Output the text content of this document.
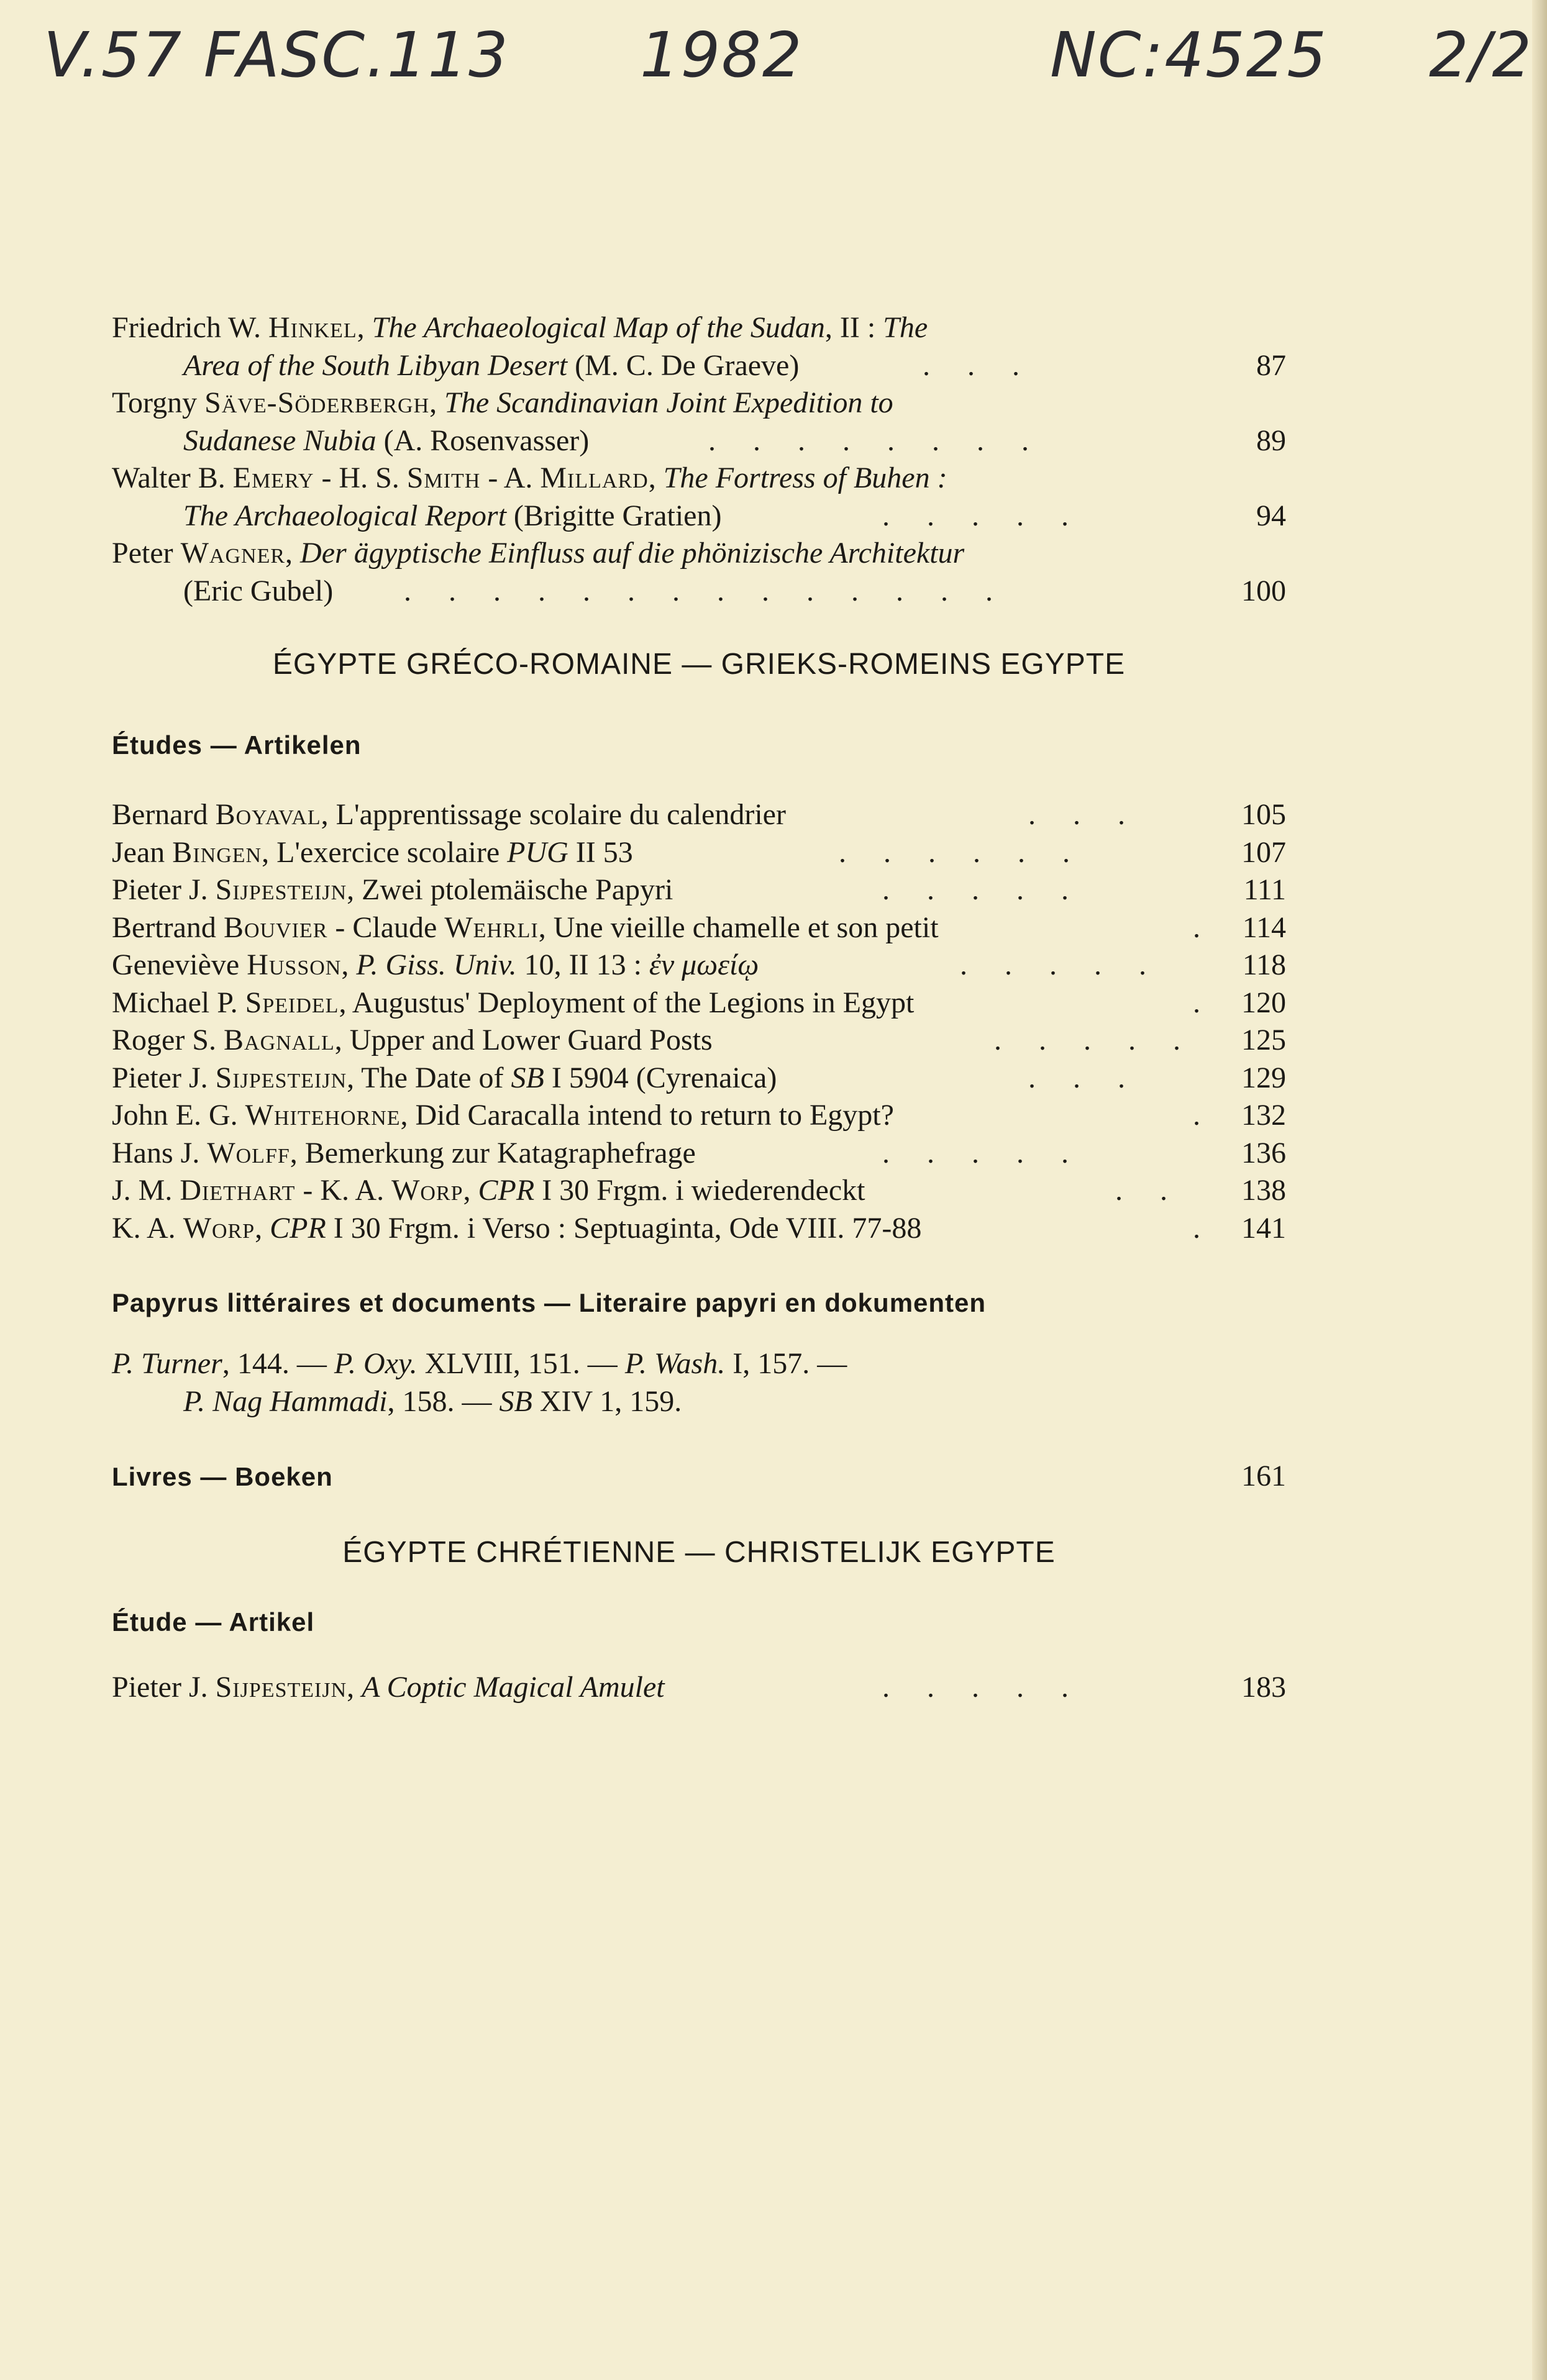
V.57 FASC.113 1982	NC:4525 2/2
Friedrich W. Hinkel, The Archaeological Map of the Sudan, II : The
Area of the South Libyan Desert (M. C. De Graeve)	.     .     .	87
Torgny Säve-Söderbergh, The Scandinavian Joint Expedition to
Sudanese Nubia (A. Rosenvasser)	.     .     .     .     .     .     .     .	89
Walter B. Emery - H. S. Smith - A. Millard, The Fortress of Buhen :
The Archaeological Report (Brigitte Gratien)	.     .     .     .     .	94
Peter Wagner, Der ägyptische Einfluss auf die phönizische Architektur
(Eric Gubel) .     .     .     .     .     .     .     .     .     .     .     .     .     .	100
ÉGYPTE GRÉCO-ROMAINE — GRIEKS-ROMEINS EGYPTE
Études — Artikelen
Bernard Boyaval, L'apprentissage scolaire du calendrier	.     .     .	105
Jean Bingen, L'exercice scolaire PUG II 53	.     .     .     .     .     .	107
Pieter J. Sijpesteijn, Zwei ptolemäische Papyri	.     .     .     .     .	111
Bertrand Bouvier - Claude Wehrli, Une vieille chamelle et son petit	. 114
Geneviève Husson, P. Giss. Univ. 10, II 13 : ἐν μωείῳ	.     .     .     .     .	118
Michael P. Speidel, Augustus' Deployment of the Legions in Egypt	. 120
Roger S. Bagnall, Upper and Lower Guard Posts	.     .     .     .     . 125
Pieter J. Sijpesteijn, The Date of SB I 5904 (Cyrenaica)	.     .     .	129
John E. G. Whitehorne, Did Caracalla intend to return to Egypt?	. 132
Hans J. Wolff, Bemerkung zur Katagraphefrage	.     .     .     .     .	136
J. M. Diethart - K. A. Worp, CPR I 30 Frgm. i wiederendeckt	.     . 138
K. A. Worp, CPR I 30 Frgm. i Verso : Septuaginta, Ode VIII. 77-88	. 141
Papyrus littéraires et documents — Literaire papyri en dokumenten
P. Turner, 144. — P. Oxy. XLVIII, 151. — P. Wash. I, 157. —
P. Nag Hammadi, 158. — SB XIV 1, 159.
Livres — Boeken	161
ÉGYPTE CHRÉTIENNE — CHRISTELIJK EGYPTE
Étude — Artikel
Pieter J. Sijpesteijn, A Coptic Magical Amulet	.     .     .     .     .	183
